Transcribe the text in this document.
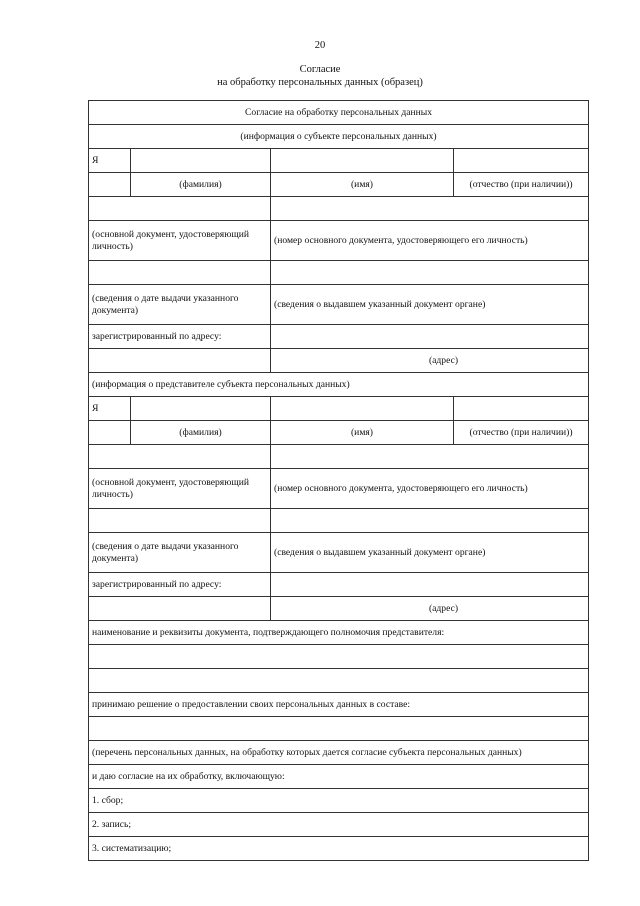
20
Согласие
на обработку персональных данных (образец)
Согласие на обработку персональных данных			
(информация о субъекте персональных данных)			
Я			
	(фамилия)	(имя)	(отчество (при наличии))

(основной документ, удостоверяющий личность)		(номер основного документа, удостоверяющего его личность)	

(сведения о дате выдачи указанного документа)		(сведения о выдавшем указанный документ органе)	
зарегистрированный по адресу:			
		(адрес)	
(информация о представителе субъекта персональных данных)			
Я			
	(фамилия)	(имя)	(отчество (при наличии))

(основной документ, удостоверяющий личность)		(номер основного документа, удостоверяющего его личность)	

(сведения о дате выдачи указанного документа)		(сведения о выдавшем указанный документ органе)	
зарегистрированный по адресу:			
		(адрес)	
наименование и реквизиты документа, подтверждающего полномочия представителя:			

принимаю решение о предоставлении своих персональных данных в составе:			

(перечень персональных данных, на обработку которых дается согласие субъекта персональных данных)			
и даю согласие на их обработку, включающую:			
1. сбор;			
2. запись;			
3. систематизацию;			
